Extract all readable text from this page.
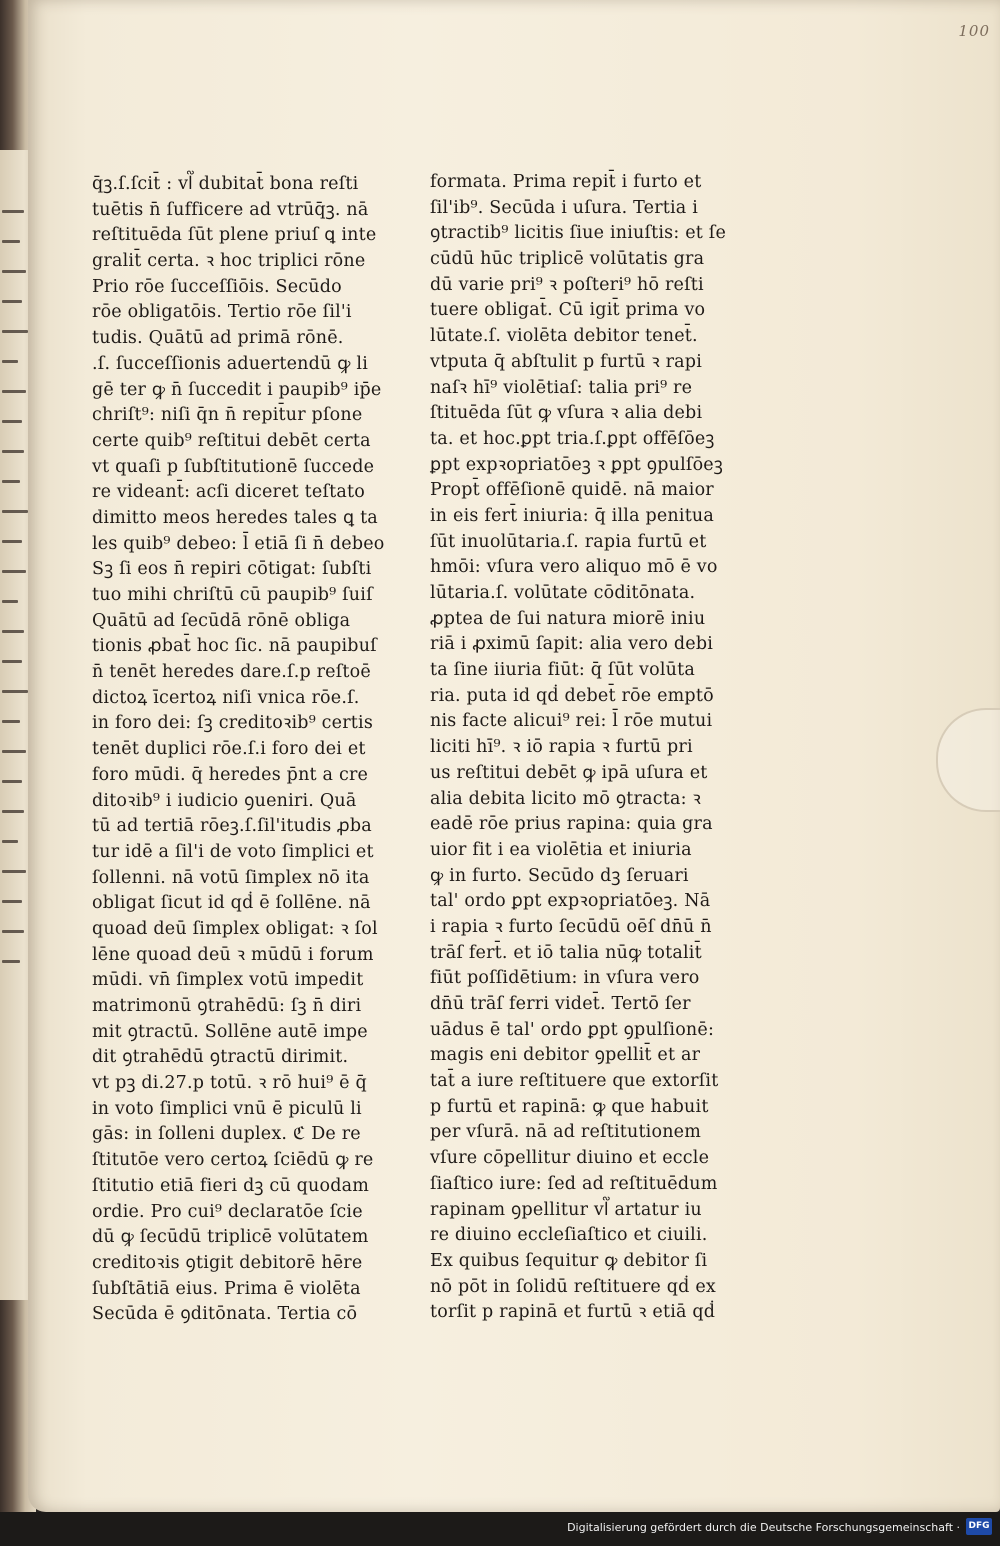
100
q̄ꝫ.ſ.ſcit̄ : vl᷑ dubitat̄ bona reſti
tuētis n̄ ſufficere ad vtrūq̄ꝫ. nā
reſtituēda ſūt plene priuſ ꝗ inte
gralit̄ certa. ꝛ hoc triplici rōne
Prio rōe ſucceſſiōis. Secūdo
rōe obligatōis. Tertio rōe ſil'i
tudis. Quātū ad primā rōnē.
.ſ. ſucceſſionis aduertendū ꝙ li
gē ter ꝙ n̄ ſuccedit i paupib⁹ ip̄e
chriſt⁹: niſi q̄n n̄ repit̄ur pſone
certe quib⁹ reſtitui debēt certa
vt quaſi p ſubſtitutionē ſuccede
re videant̄: acſi diceret teſtato
dimitto meos heredes tales ꝗ ta
les quib⁹ debeo: l̄ etiā ſi n̄ debeo
Sꝫ ſi eos n̄ repiri cōtigat: ſubſti
tuo mihi chriſtū cū paupib⁹ ſuiſ
Quātū ad ſecūdā rōnē obliga
tionis ꝓbat̄ hoc ſic. nā paupibuſ
n̄ tenēt heredes dare.ſ.p reſtoē
dictoꝝ īcertoꝝ niſi vnica rōe.ſ.
in foro dei: ſꝫ creditoꝛib⁹ certis
tenēt duplici rōe.ſ.i foro dei et
foro mūdi. q̄ heredes p̄nt a cre
ditoꝛib⁹ i iudicio ꝯueniri. Quā
tū ad tertiā rōeꝫ.ſ.ſil'itudis ꝓba
tur idē a ſil'i de voto ſimplici et
ſollenni. nā votū ſimplex nō ita
obligat ſicut id qḋ ē ſollēne. nā
quoad deū ſimplex obligat: ꝛ ſol
lēne quoad deū ꝛ mūdū i forum
mūdi. vn̄ ſimplex votū impedit
matrimonū ꝯtrahēdū: ſꝫ n̄ diri
mit ꝯtractū. Sollēne autē impe
dit ꝯtrahēdū ꝯtractū dirimit.
vt pꝫ di.27.p totū. ꝛ rō hui⁹ ē q̄
in voto ſimplici vnū ē piculū li
gās: in ſolleni duplex. ℭ De re
ſtitutōe vero certoꝝ ſciēdū ꝙ re
ſtitutio etiā fieri dꝫ cū quodam
ordie. Pro cui⁹ declaratōe ſcie
dū ꝙ ſecūdū triplicē volūtatem
creditoꝛis ꝯtigit debitorē hēre
ſubſtātiā eius. Prima ē violēta
Secūda ē ꝯditōnata. Tertia cō
formata. Prima repit̄ i furto et
ſil'ib⁹. Secūda i uſura. Tertia i
ꝯtractib⁹ licitis ſiue iniuſtis: et ſe
cūdū hūc triplicē volūtatis gra
dū varie pri⁹ ꝛ poſteri⁹ hō reſti
tuere obligat̄. Cū igit̄ prima vo
lūtate.ſ. violēta debitor tenet̄.
vtputa q̄ abſtulit p furtū ꝛ rapi
naſꝛ hī⁹ violētiaſ: talia pri⁹ re
ſtituēda ſūt ꝙ vſura ꝛ alia debi
ta. et hoc.ꝑpt tria.ſ.ꝑpt offēſōeꝫ
ꝑpt expꝛopriatōeꝫ ꝛ ꝑpt ꝯpulſōeꝫ
Propt̄ offēſionē quidē. nā maior
in eis fert̄ iniuria: q̄ illa penitua
ſūt inuolūtaria.ſ. rapia furtū et
hmōi: vſura vero aliquo mō ē vo
lūtaria.ſ. volūtate cōditōnata.
ꝓptea de ſui natura miorē iniu
riā i ꝓximū ſapit: alia vero debi
ta ſine iiuria fiūt: q̄ ſūt volūta
ria. puta id qḋ debet̄ rōe emptō
nis facte alicui⁹ rei: l̄ rōe mutui
liciti hī⁹. ꝛ iō rapia ꝛ furtū pri
us reſtitui debēt ꝙ ipā uſura et
alia debita licito mō ꝯtracta: ꝛ
eadē rōe prius rapina: quia gra
uior fit i ea violētia et iniuria
ꝙ in furto. Secūdo dꝫ ſeruari
tal' ordo ꝑpt expꝛopriatōeꝫ. Nā
i rapia ꝛ furto ſecūdū oēſ dn̄ū n̄
trāſ fert̄. et iō talia nūꝙ totalit̄
fiūt poſſidētium: in vſura vero
dn̄ū trāſ ferri videt̄. Tertō ſer
uādus ē tal' ordo ꝑpt ꝯpulſionē:
magis eni debitor ꝯpellit̄ et ar
tat̄ a iure reſtituere que extorſit
p furtū et rapinā: ꝙ que habuit
per vſurā. nā ad reſtitutionem
vſure cōpellitur diuino et eccle
ſiaſtico iure: ſed ad reſtituēdum
rapinam ꝯpellitur vl᷑ artatur iu
re diuino eccleſiaſtico et ciuili.
Ex quibus ſequitur ꝙ debitor ſi
nō pōt in ſolidū reſtituere qḋ ex
torſit p rapinā et furtū ꝛ etiā qḋ
Digitalisierung gefördert durch die Deutsche Forschungsgemeinschaft · DFG
